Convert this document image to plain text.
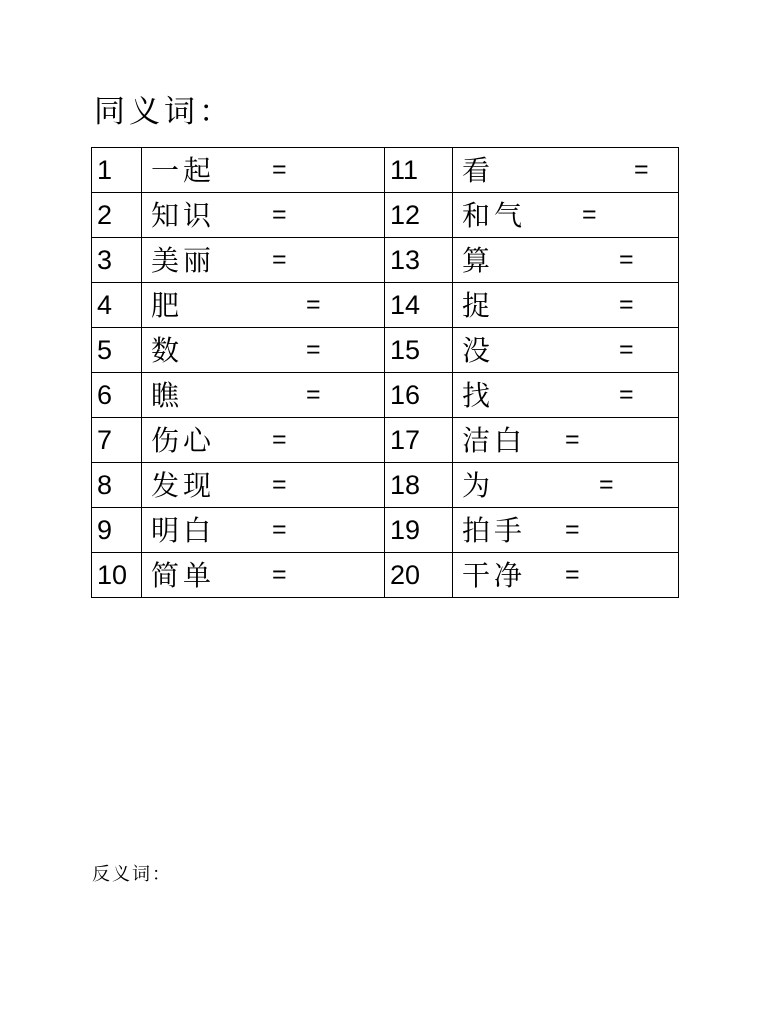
同义词：
1	一起 =	11	看 =

2	知识 =	12	和气 =

3	美丽 =	13	算 =

4	肥 =	14	捉 =

5	数 =	15	没 =

6	瞧 =	16	找 =

7	伤心 =	17	洁白 =

8	发现 =	18	为 =

9	明白 =	19	拍手 =

10	简单 =	20	干净 =
反义词：
